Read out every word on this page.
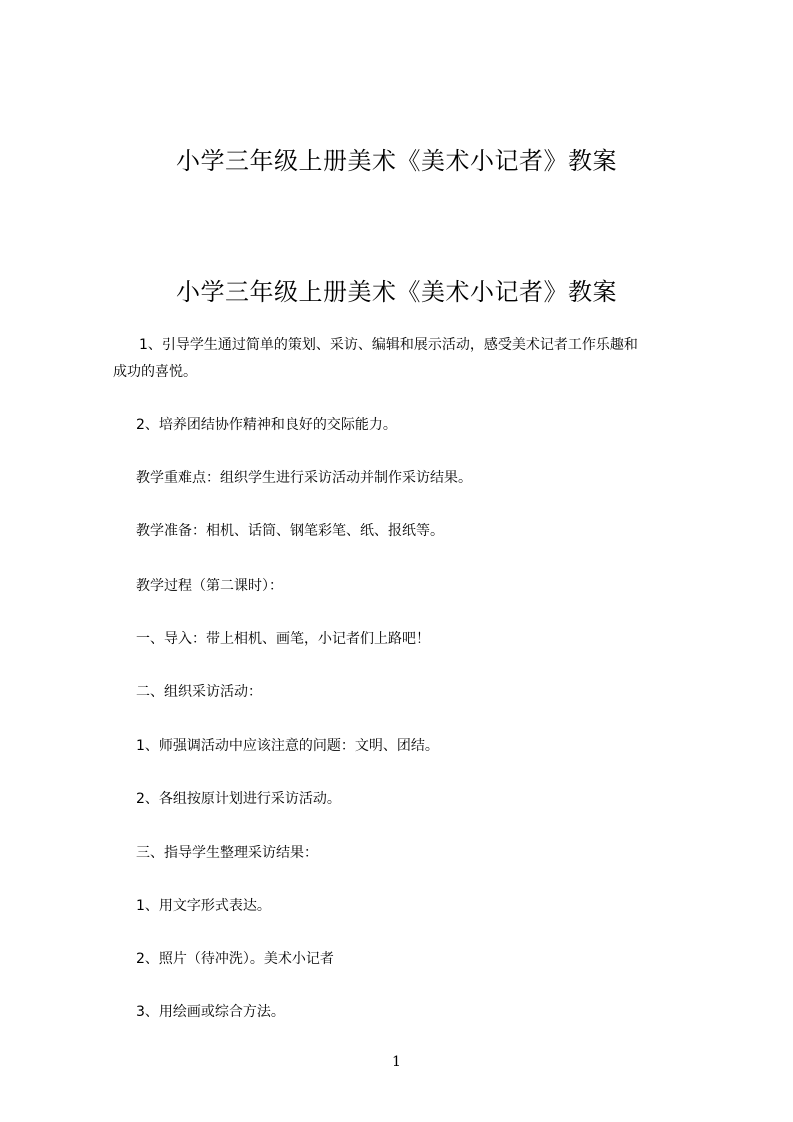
小学三年级上册美术《美术小记者》教案
小学三年级上册美术《美术小记者》教案
1、引导学生通过简单的策划、采访、编辑和展示活动，感受美术记者工作乐趣和
成功的喜悦。
2、培养团结协作精神和良好的交际能力。
教学重难点：组织学生进行采访活动并制作采访结果。
教学准备：相机、话筒、钢笔彩笔、纸、报纸等。
教学过程（第二课时）：
一、导入：带上相机、画笔，小记者们上路吧！
二、组织采访活动：
1、师强调活动中应该注意的问题：文明、团结。
2、各组按原计划进行采访活动。
三、指导学生整理采访结果：
1、用文字形式表达。
2、照片（待冲洗）。美术小记者
3、用绘画或综合方法。
1
